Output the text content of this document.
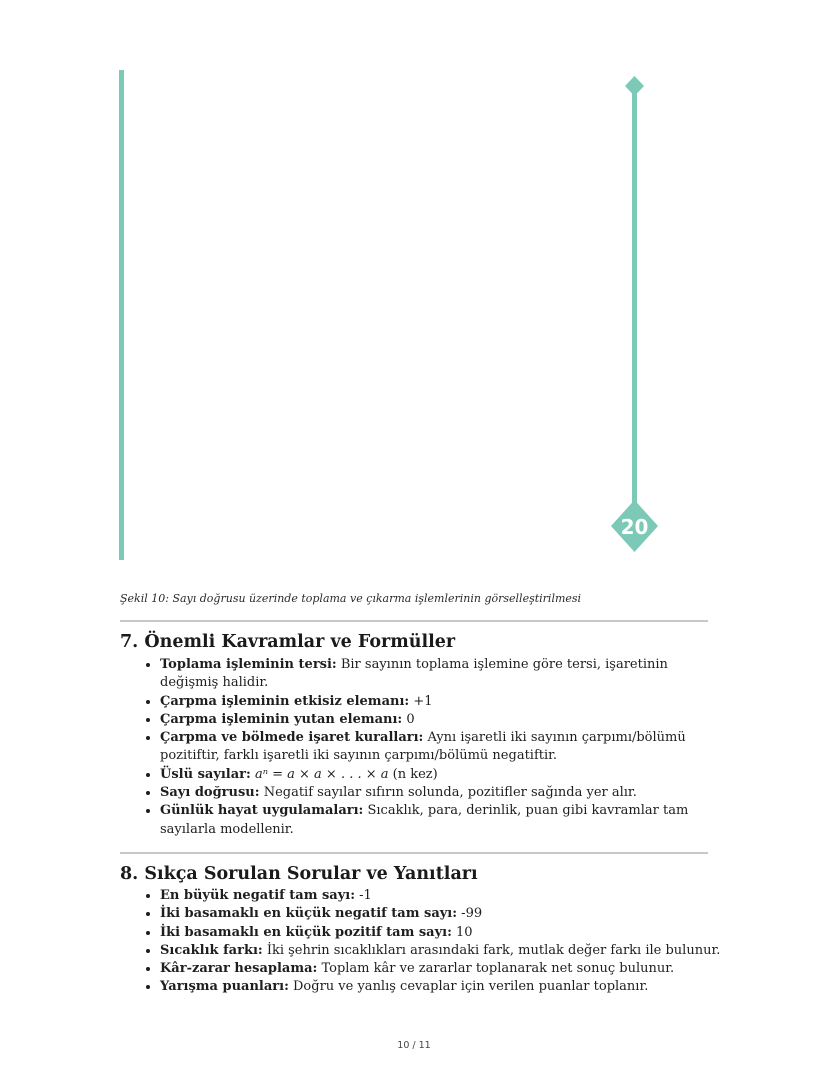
20
Şekil 10: Sayı doğrusu üzerinde toplama ve çıkarma işlemlerinin görselleştirilmesi
7. Önemli Kavramlar ve Formüller
• Toplama işleminin tersi: Bir sayının toplama işlemine göre tersi, işaretinin değişmiş halidir.
• Çarpma işleminin etkisiz elemanı: +1
• Çarpma işleminin yutan elemanı: 0
• Çarpma ve bölmede işaret kuralları: Aynı işaretli iki sayının çarpımı/bölümü pozitiftir, farklı işaretli iki sayının çarpımı/bölümü negatiftir.
• Üslü sayılar: aⁿ = a × a × . . . × a (n kez)
• Sayı doğrusu: Negatif sayılar sıfırın solunda, pozitifler sağında yer alır.
• Günlük hayat uygulamaları: Sıcaklık, para, derinlik, puan gibi kavramlar tam sayılarla modellenir.
8. Sıkça Sorulan Sorular ve Yanıtları
• En büyük negatif tam sayı: -1
• İki basamaklı en küçük negatif tam sayı: -99
• İki basamaklı en küçük pozitif tam sayı: 10
• Sıcaklık farkı: İki şehrin sıcaklıkları arasındaki fark, mutlak değer farkı ile bulunur.
• Kâr-zarar hesaplama: Toplam kâr ve zararlar toplanarak net sonuç bulunur.
• Yarışma puanları: Doğru ve yanlış cevaplar için verilen puanlar toplanır.
10 / 11
